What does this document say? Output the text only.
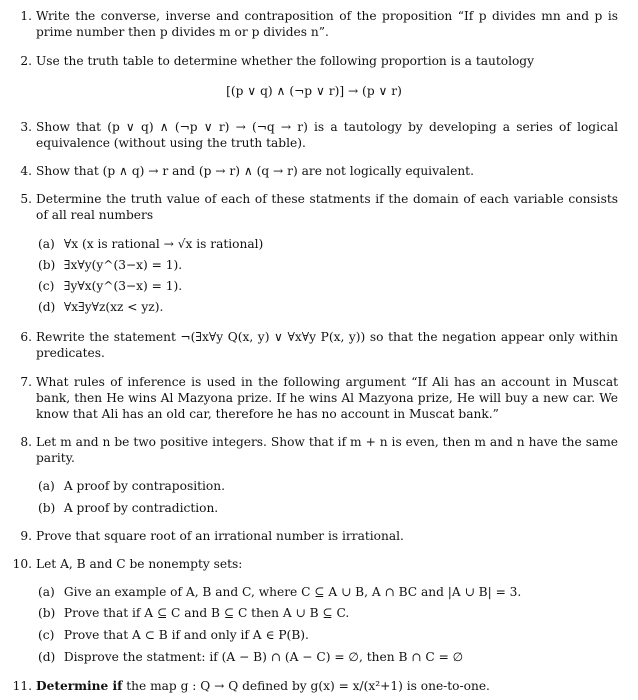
1. Write the converse, inverse and contraposition of the proposition “If p divides mn and p is prime number then p divides m or p divides n”.
2. Use the truth table to determine whether the following proportion is a tautology
[(p ∨ q) ∧ (¬p ∨ r)] → (p ∨ r)
3. Show that (p ∨ q) ∧ (¬p ∨ r) → (¬q → r) is a tautology by developing a series of logical equivalence (without using the truth table).
4. Show that (p ∧ q) → r and (p → r) ∧ (q → r) are not logically equivalent.
5. Determine the truth value of each of these statments if the domain of each variable consists of all real numbers
(a) ∀x (x is rational → √x is rational)
(b) ∃x∀y(y^(3−x) = 1).
(c) ∃y∀x(y^(3−x) = 1).
(d) ∀x∃y∀z(xz < yz).
6. Rewrite the statement ¬(∃x∀y Q(x, y) ∨ ∀x∀y P(x, y)) so that the negation appear only within predicates.
7. What rules of inference is used in the following argument “If Ali has an account in Muscat bank, then He wins Al Mazyona prize. If he wins Al Mazyona prize, He will buy a new car. We know that Ali has an old car, therefore he has no account in Muscat bank.”
8. Let m and n be two positive integers. Show that if m + n is even, then m and n have the same parity.
(a) A proof by contraposition.
(b) A proof by contradiction.
9. Prove that square root of an irrational number is irrational.
10. Let A, B and C be nonempty sets:
(a) Give an example of A, B and C, where C ⊆ A ∪ B, A ∩ BC and |A ∪ B| = 3.
(b) Prove that if A ⊆ C and B ⊆ C then A ∪ B ⊆ C.
(c) Prove that A ⊂ B if and only if A ∈ P(B).
(d) Disprove the statment: if (A − B) ∩ (A − C) = ∅, then B ∩ C = ∅
11. Determine if the map g : Q → Q defined by g(x) = x/(x²+1) is one-to-one.
